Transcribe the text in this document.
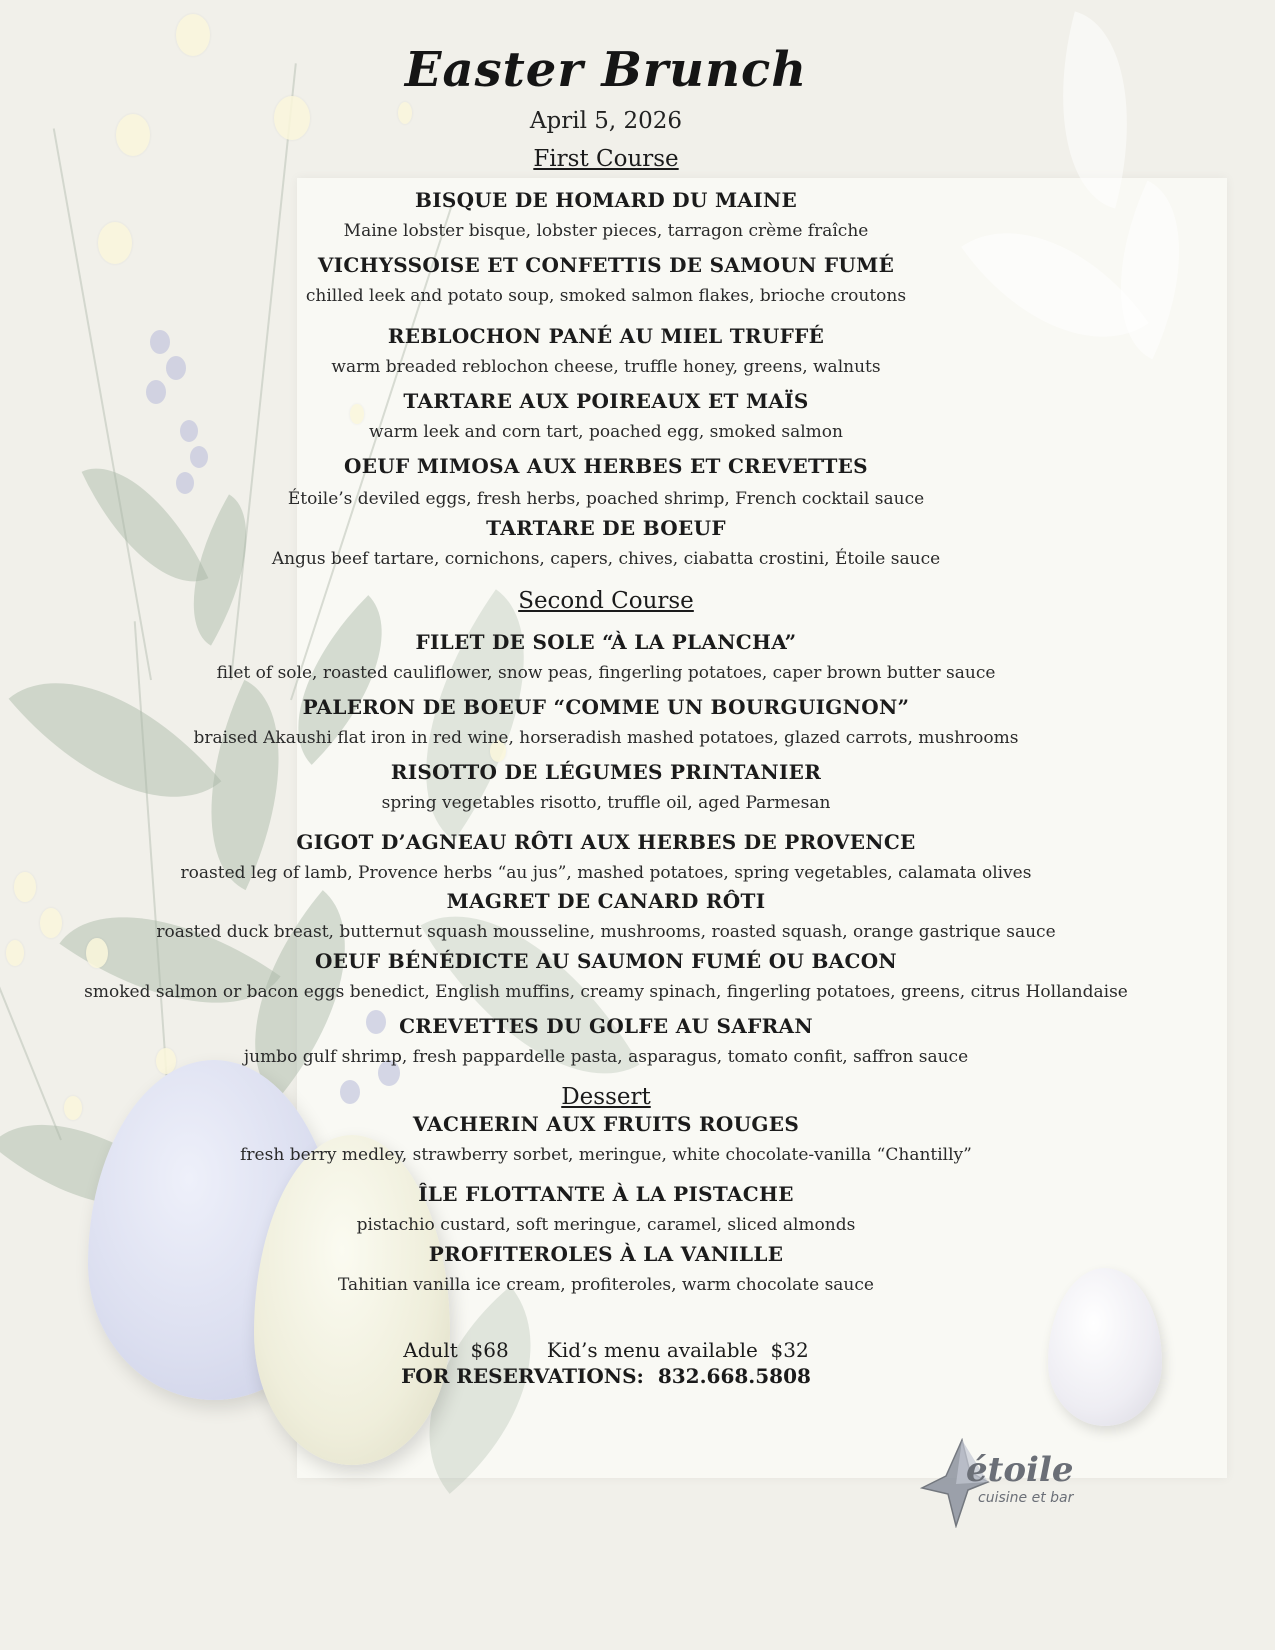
Easter Brunch
April 5, 2026
First Course
BISQUE DE HOMARD DU MAINE
Maine lobster bisque, lobster pieces, tarragon crème fraîche
VICHYSSOISE ET CONFETTIS DE SAMOUN FUMÉ
chilled leek and potato soup, smoked salmon flakes, brioche croutons
REBLOCHON PANÉ AU MIEL TRUFFÉ
warm breaded reblochon cheese, truffle honey, greens, walnuts
TARTARE AUX POIREAUX ET MAÏS
warm leek and corn tart, poached egg, smoked salmon
OEUF MIMOSA AUX HERBES ET CREVETTES
Étoile’s deviled eggs, fresh herbs, poached shrimp, French cocktail sauce
TARTARE DE BOEUF
Angus beef tartare, cornichons, capers, chives, ciabatta crostini, Étoile sauce
Second Course
FILET DE SOLE “À LA PLANCHA”
filet of sole, roasted cauliflower, snow peas, fingerling potatoes, caper brown butter sauce
PALERON DE BOEUF “COMME UN BOURGUIGNON”
braised Akaushi flat iron in red wine, horseradish mashed potatoes, glazed carrots, mushrooms
RISOTTO DE LÉGUMES PRINTANIER
spring vegetables risotto, truffle oil, aged Parmesan
GIGOT D’AGNEAU RÔTI AUX HERBES DE PROVENCE
roasted leg of lamb, Provence herbs “au jus”, mashed potatoes, spring vegetables, calamata olives
MAGRET DE CANARD RÔTI
roasted duck breast, butternut squash mousseline, mushrooms, roasted squash, orange gastrique sauce
OEUF BÉNÉDICTE AU SAUMON FUMÉ OU BACON
smoked salmon or bacon eggs benedict, English muffins, creamy spinach, fingerling potatoes, greens, citrus Hollandaise
CREVETTES DU GOLFE AU SAFRAN
jumbo gulf shrimp, fresh pappardelle pasta, asparagus, tomato confit, saffron sauce
Dessert
VACHERIN AUX FRUITS ROUGES
fresh berry medley, strawberry sorbet, meringue, white chocolate-vanilla “Chantilly”
ÎLE FLOTTANTE À LA PISTACHE
pistachio custard, soft meringue, caramel, sliced almonds
PROFITEROLES À LA VANILLE
Tahitian vanilla ice cream, profiteroles, warm chocolate sauce
Adult  $68      Kid’s menu available  $32
FOR RESERVATIONS:  832.668.5808
étoile
cuisine et bar
